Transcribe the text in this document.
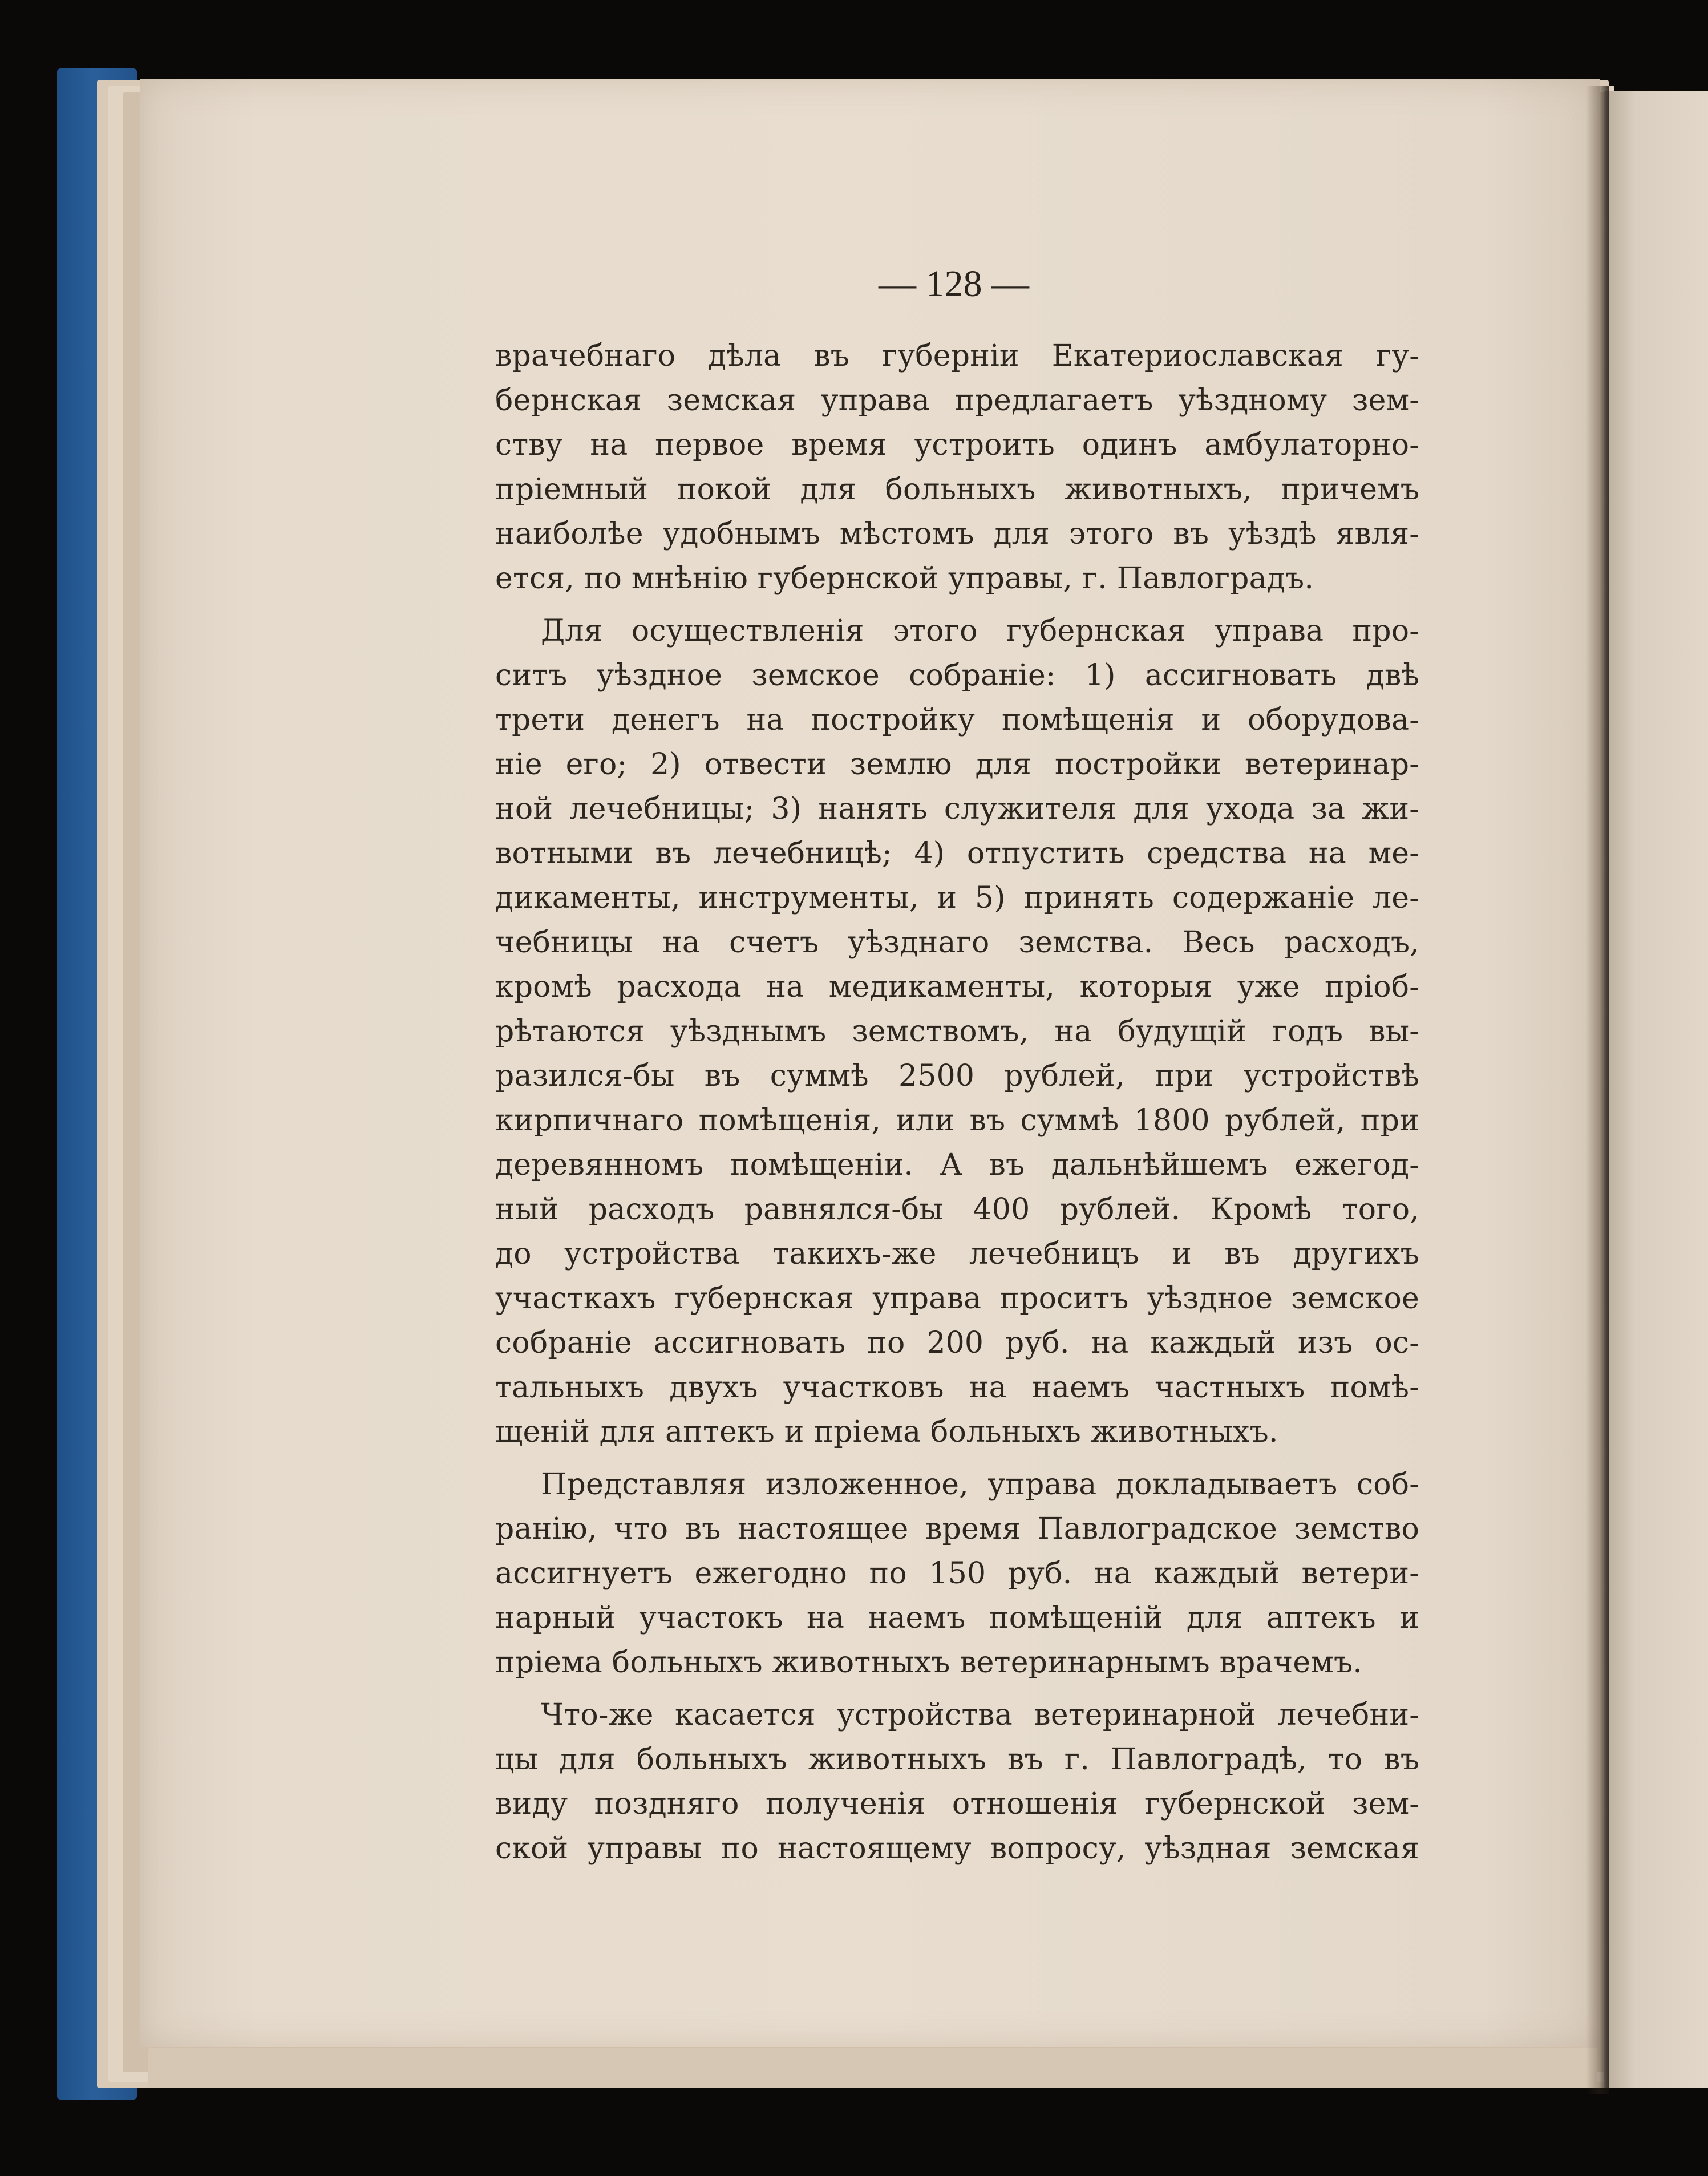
— 128 —
врачебнаго дѣла въ губерніи Екатериославская гу-
бернская земская управа предлагаетъ уѣздному зем-
ству на первое время устроить одинъ амбулаторно-
пріемный покой для больныхъ животныхъ, причемъ
наиболѣе удобнымъ мѣстомъ для этого въ уѣздѣ явля-
ется, по мнѣнію губернской управы, г. Павлоградъ.
Для осуществленія этого губернская управа про-
ситъ уѣздное земское собраніе: 1) ассигновать двѣ
трети денегъ на постройку помѣщенія и оборудова-
ніе его; 2) отвести землю для постройки ветеринар-
ной лечебницы; 3) нанять служителя для ухода за жи-
вотными въ лечебницѣ; 4) отпустить средства на ме-
дикаменты, инструменты, и 5) принять содержаніе ле-
чебницы на счетъ уѣзднаго земства. Весь расходъ,
кромѣ расхода на медикаменты, которыя уже пріоб-
рѣтаются уѣзднымъ земствомъ, на будущій годъ вы-
разился-бы въ суммѣ 2500 рублей, при устройствѣ
кирпичнаго помѣщенія, или въ суммѣ 1800 рублей, при
деревянномъ помѣщеніи. А въ дальнѣйшемъ ежегод-
ный расходъ равнялся-бы 400 рублей. Кромѣ того,
до устройства такихъ-же лечебницъ и въ другихъ
участкахъ губернская управа проситъ уѣздное земское
собраніе ассигновать по 200 руб. на каждый изъ ос-
тальныхъ двухъ участковъ на наемъ частныхъ помѣ-
щеній для аптекъ и пріема больныхъ животныхъ.
Представляя изложенное, управа докладываетъ соб-
ранію, что въ настоящее время Павлоградское земство
ассигнуетъ ежегодно по 150 руб. на каждый ветери-
нарный участокъ на наемъ помѣщеній для аптекъ и
пріема больныхъ животныхъ ветеринарнымъ врачемъ.
Что-же касается устройства ветеринарной лечебни-
цы для больныхъ животныхъ въ г. Павлоградѣ, то въ
виду поздняго полученія отношенія губернской зем-
ской управы по настоящему вопросу, уѣздная земская
